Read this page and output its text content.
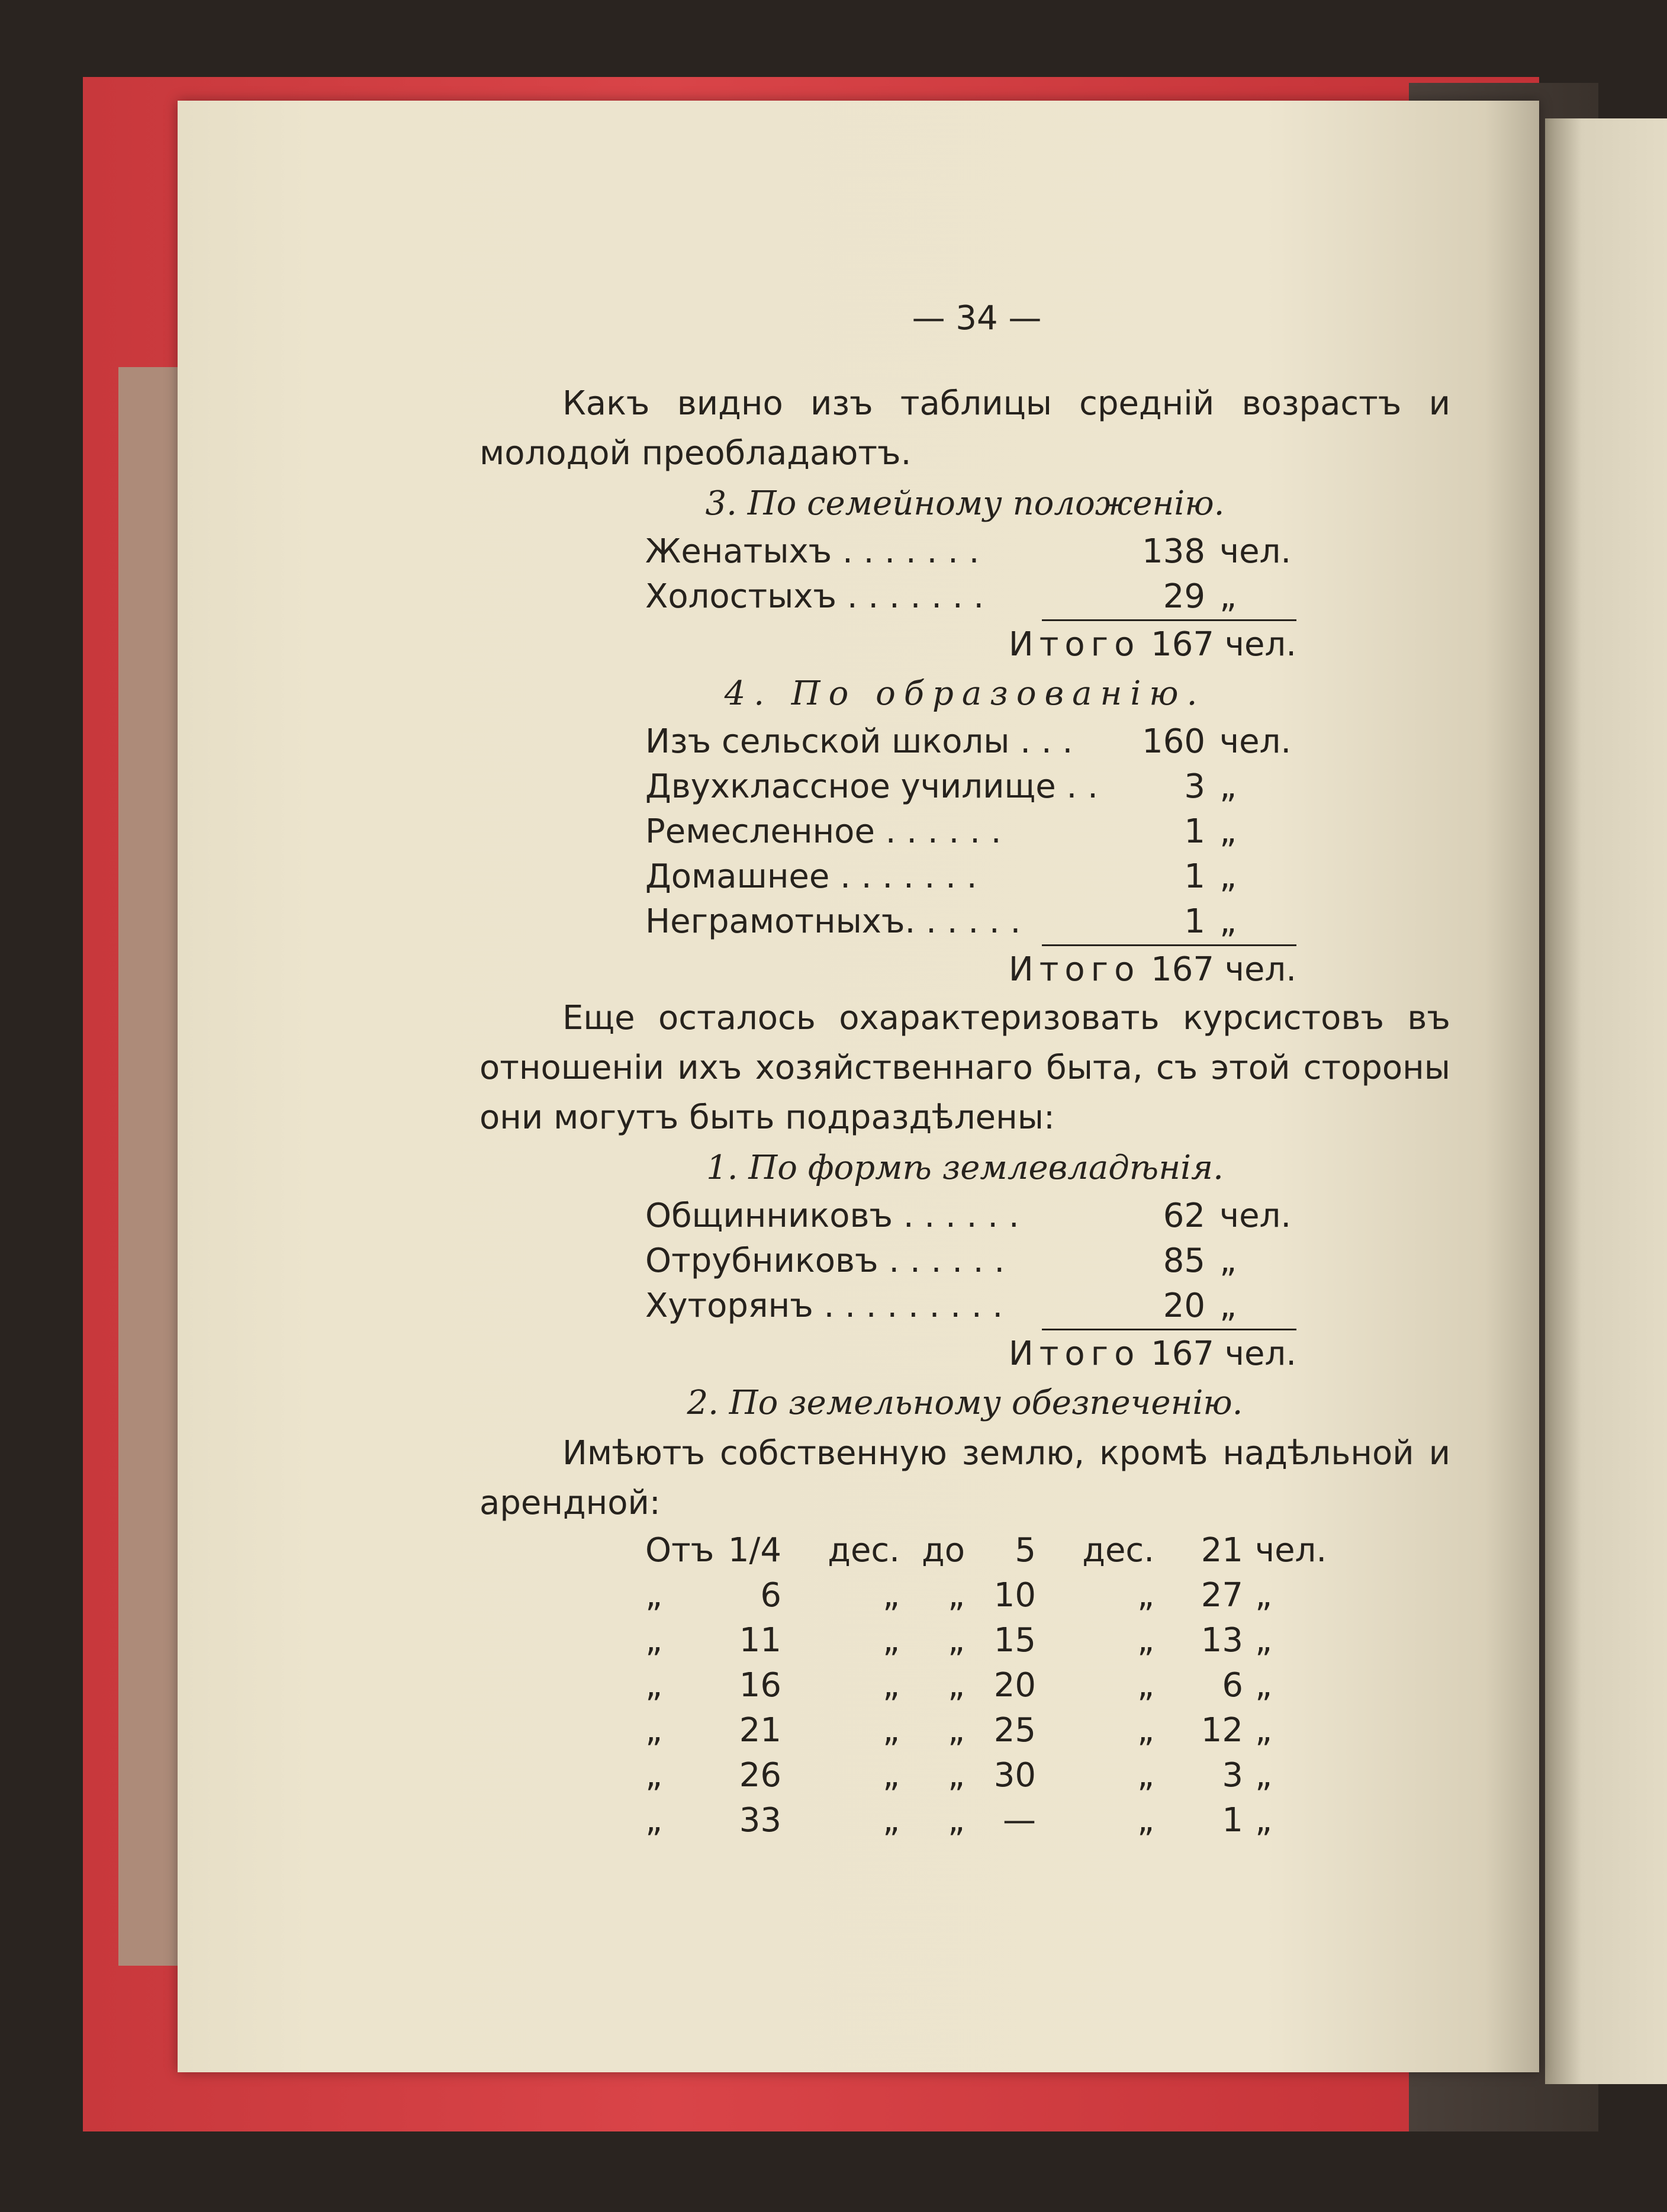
— 34 —

Какъ видно изъ таблицы среднiй возрастъ и молодой преобладаютъ.

3. По семейному положенiю.
Женатыхъ . . . . . . .	138 чел.
Холостыхъ . . . . . . .	29 „
Итого 167 чел.
4. По образованiю.
Изъ сельской школы . . .	160 чел.
Двухклассное училище . .	3 „
Ремесленное . . . . . .	1 „
Домашнее . . . . . . .	1 „
Неграмотныхъ. . . . . .	1 „
Итого 167 чел.

Еще осталось охарактеризовать курсистовъ въ отношенiи ихъ хозяйственнаго быта, съ этой стороны они могутъ быть подраздѣлены:

1. По формѣ землевладѣнiя.
Общинниковъ . . . . . .	62 чел.
Отрубниковъ . . . . . .	85 „
Хуторянъ . . . . . . . . .	20 „
Итого 167 чел.
2. По земельному обезпеченiю.

Имѣютъ собственную землю, кромѣ надѣльной и арендной:

Отъ 1/4	дес. до	5	дес.	21 чел.
„	6	„	„ 10	„	27 „
„	11	„	„ 15	„	13 „
„	16	„	„ 20	„	6 „
„	21	„	„ 25	„	12 „
„	26	„	„ 30	„	3 „
„	33	„	„	—	„	1 „
